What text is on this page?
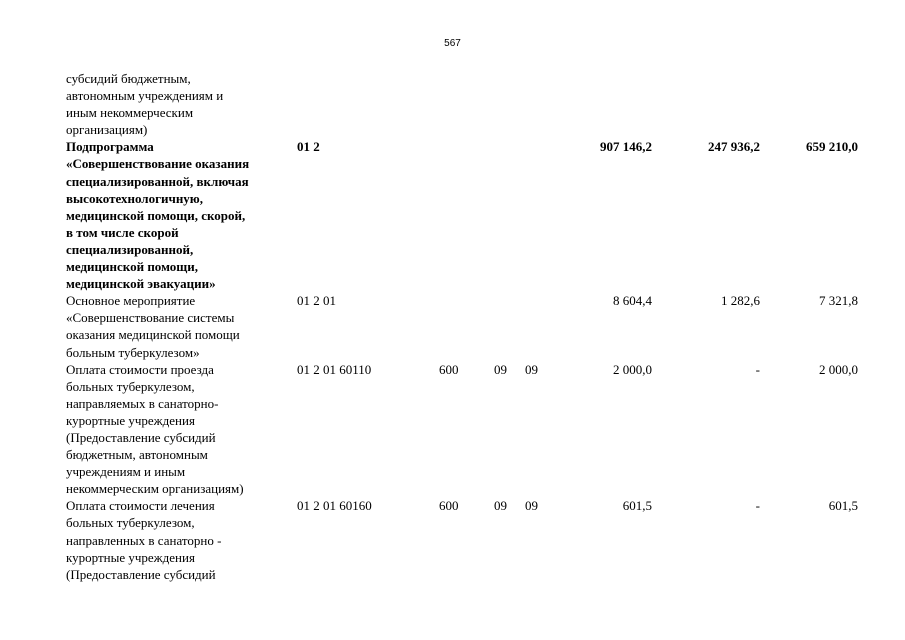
567
субсидий бюджетным,
автономным учреждениям и
иным некоммерческим
организациям)
Подпрограмма
«Совершенствование оказания
специализированной, включая
высокотехнологичную,
медицинской помощи, скорой,
в том числе скорой
специализированной,
медицинской помощи,
медицинской эвакуации»
01 2	907 146,2	247 936,2	659 210,0
Основное мероприятие
«Совершенствование системы
оказания медицинской помощи
больным туберкулезом»
01 2 01	8 604,4	1 282,6	7 321,8
Оплата стоимости проезда
больных туберкулезом,
направляемых в санаторно-
курортные учреждения
(Предоставление субсидий
бюджетным, автономным
учреждениям и иным
некоммерческим организациям)
01 2 01 60110	600	09 09	2 000,0	-	2 000,0
Оплата стоимости лечения
больных туберкулезом,
направленных в санаторно -
курортные учреждения
(Предоставление субсидий
01 2 01 60160	600	09 09	601,5	-	601,5
